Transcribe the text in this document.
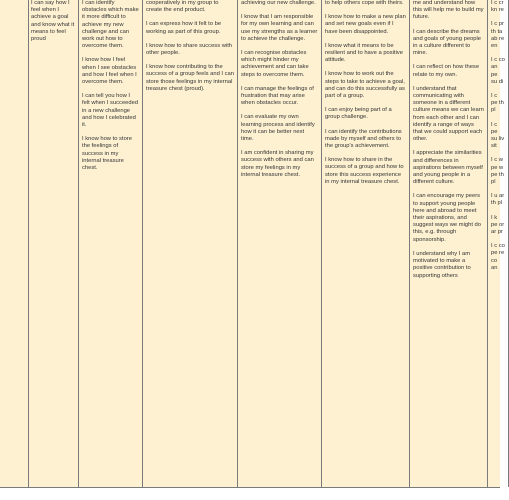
I can say how I feel when I achieve a goal and know what it means to feel proud

I can identify obstacles which make it more difficult to achieve my new challenge and can work out how to overcome them.

I know how I feel when I see obstacles and how I feel when I overcome them.

I can tell you how I felt when I succeeded in a new challenge and how I celebrated it.

I know how to store the feelings of success in my internal treasure chest.

cooperatively in my group to create the end product.

I can express how it felt to be working as part of this group.

I know how to share success with other people.

I know how contributing to the success of a group feels and I can store those feelings in my internal treasure chest (proud).

achieving our new challenge.

I know that I am responsible for my own learning and can use my strengths as a learner to achieve the challenge.

I can recognise obstacles which might hinder my achievement and can take steps to overcome them.

I can manage the feelings of frustration that may arise when obstacles occur.

I can evaluate my own learning process and identify how it can be better next time.

I am confident in sharing my success with others and can store my feelings in my internal treasure chest.

to help others cope with theirs.

I know how to make a new plan and set new goals even if I have been disappointed.

I know what it means to be resilient and to have a positive attitude.

I know how to work out the steps to take to achieve a goal, and can do this successfully as part of a group.

I can enjoy being part of a group challenge.

I can identify the contributions made by myself and others to the group's achievement.

I know how to share in the success of a group and how to store this success experience in my internal treasure chest.

me and understand how this will help me to build my future.

I can describe the dreams and goals of young people in a culture different to mine.

I can reflect on how these relate to my own.

I understand that communicating with someone in a different culture means we can learn from each other and I can identify a range of ways that we could support each other.

I appreciate the similarities and differences in aspirations between myself and young people in a different culture.

I can encourage my peers to support young people here and abroad to meet their aspirations, and suggest ways we might do this, e.g. through sponsorship.

I understand why I am motivated to make a positive contribution to supporting others

I c cr kn re

I c pr th ta ab re en

I c co an pe su di

I c pe th pl

I c pe su liv sit

I c w pe w pe th pl

I u ar th pl

I k pe or ar pr

I c co pe re co an
